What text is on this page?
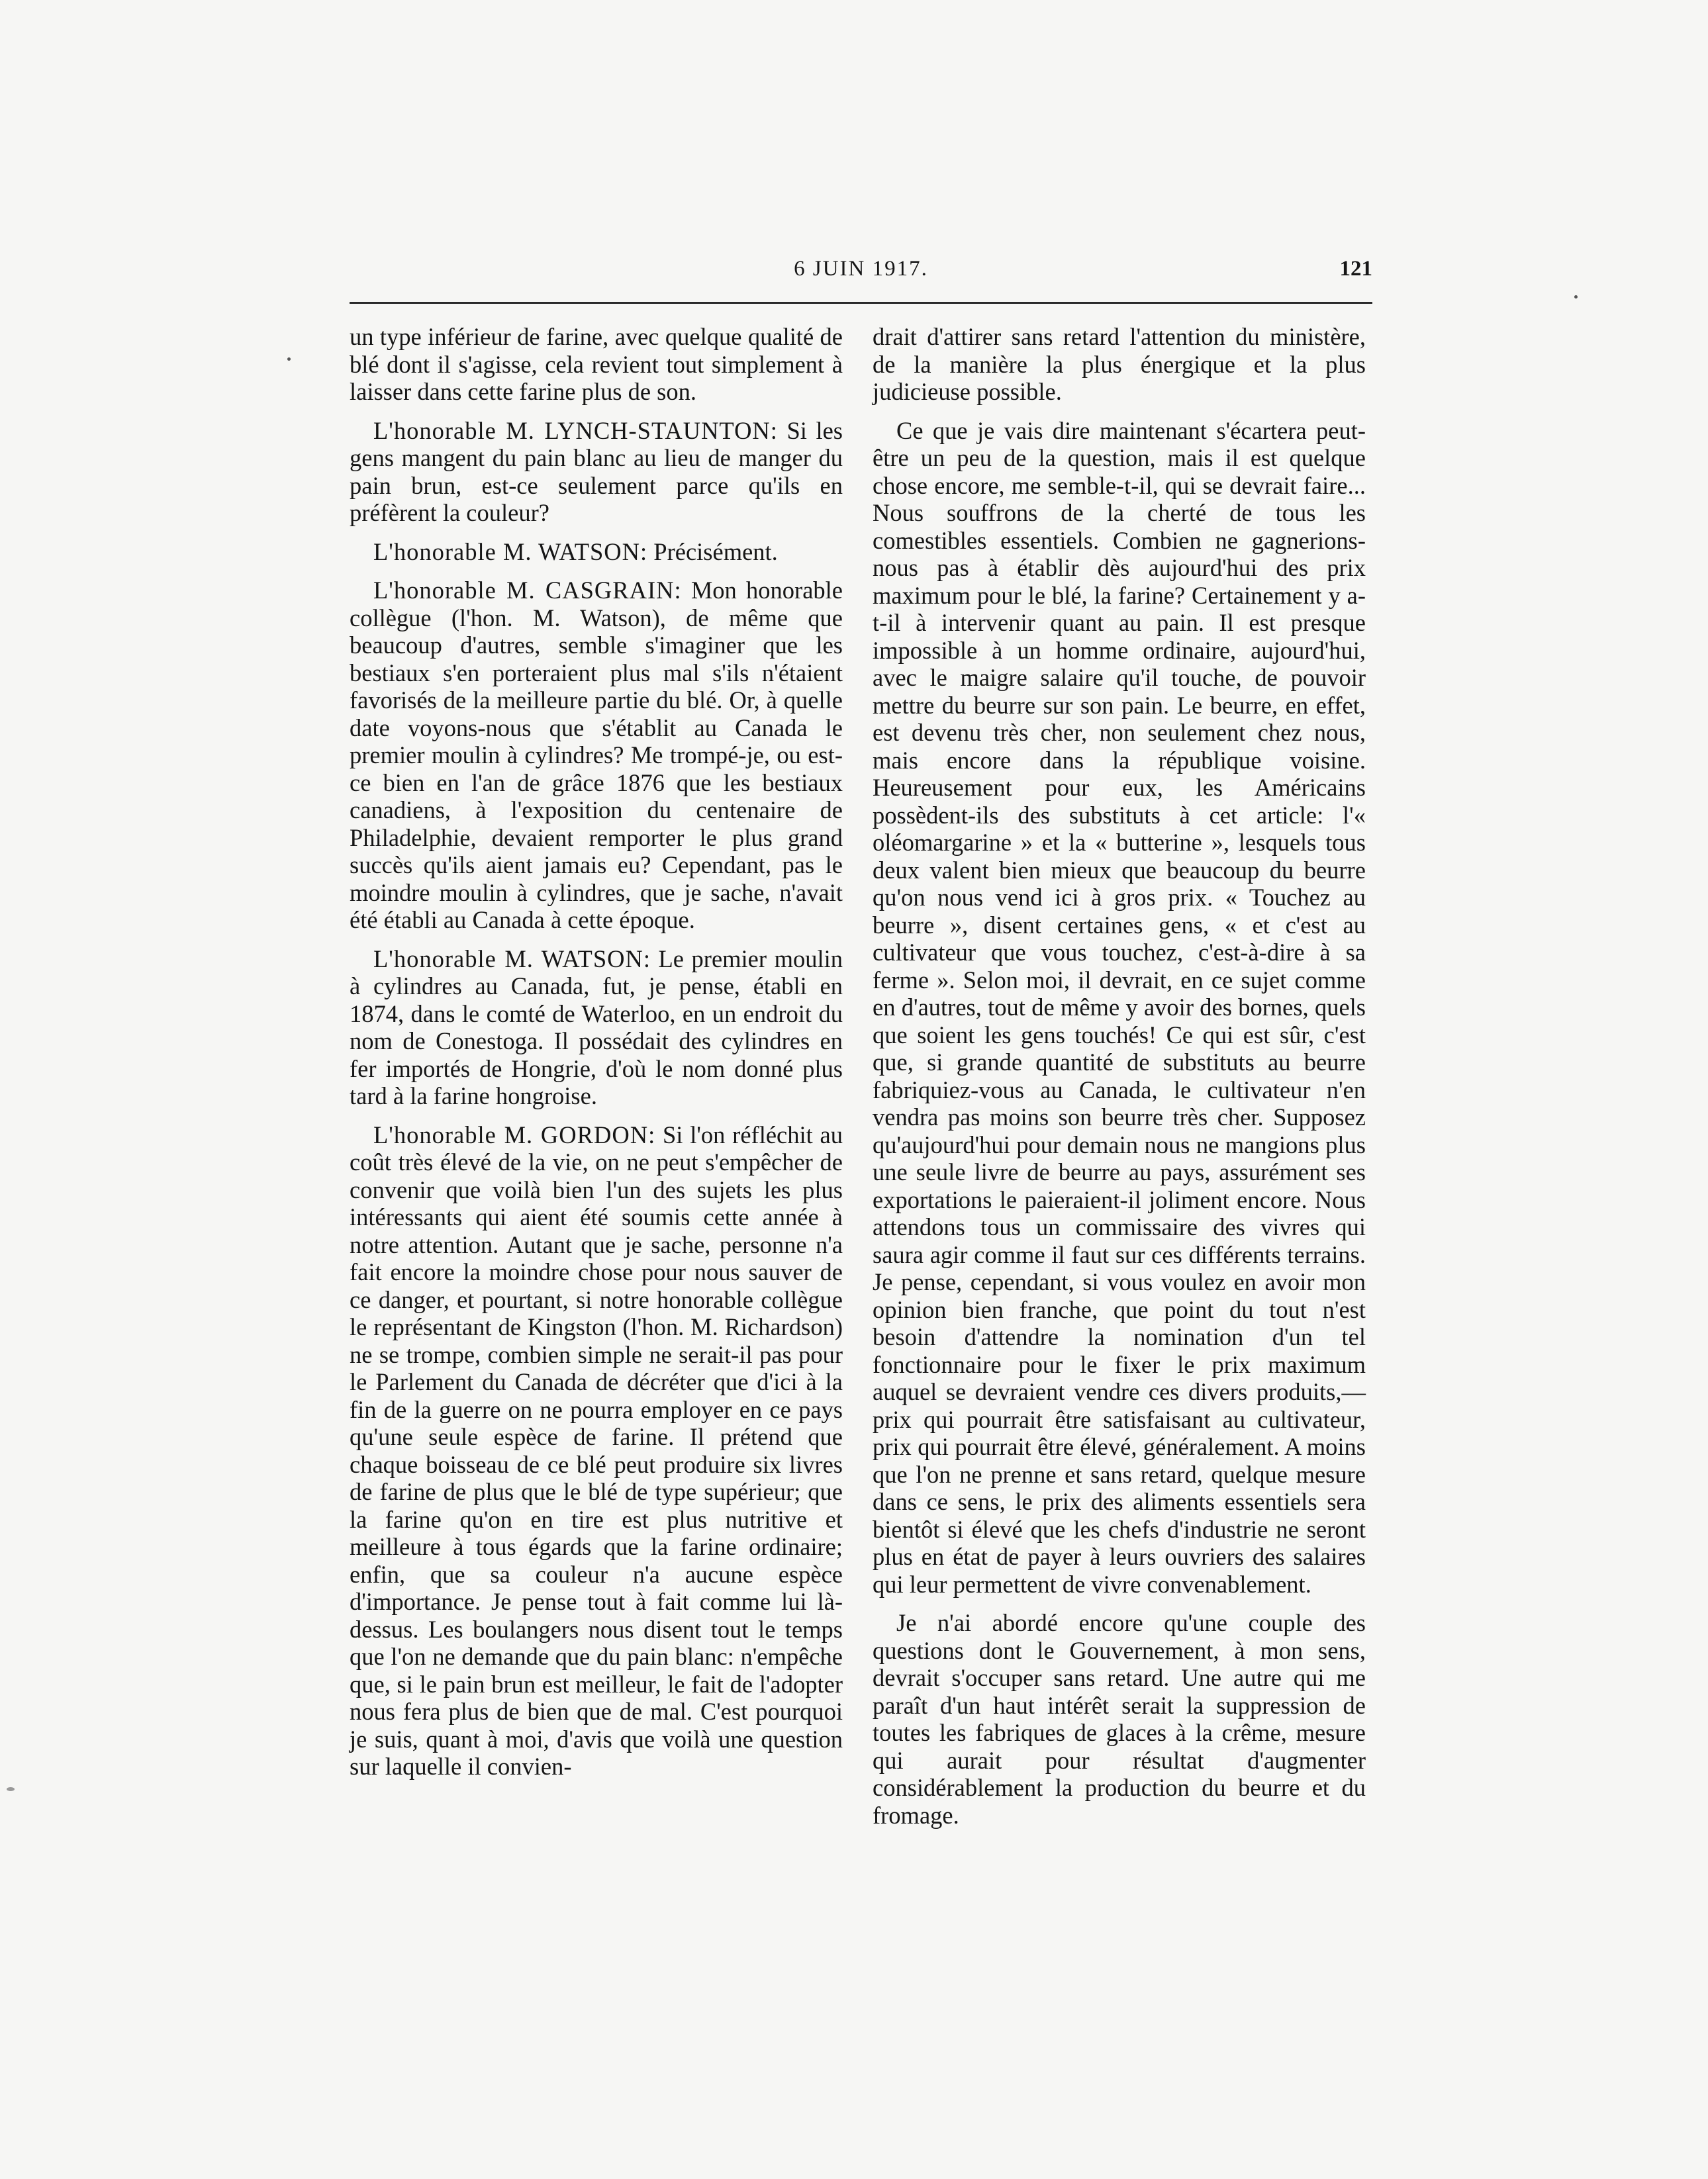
6 JUIN 1917.	121

un type inférieur de farine, avec quelque qualité de blé dont il s'agisse, cela revient tout simplement à laisser dans cette farine plus de son.

L'honorable M. LYNCH-STAUNTON: Si les gens mangent du pain blanc au lieu de manger du pain brun, est-ce seulement parce qu'ils en préfèrent la couleur?

L'honorable M. WATSON: Précisément.

L'honorable M. CASGRAIN: Mon honorable collègue (l'hon. M. Watson), de même que beaucoup d'autres, semble s'imaginer que les bestiaux s'en porteraient plus mal s'ils n'étaient favorisés de la meilleure partie du blé. Or, à quelle date voyons-nous que s'établit au Canada le premier moulin à cylindres? Me trompé-je, ou est-ce bien en l'an de grâce 1876 que les bestiaux canadiens, à l'exposition du centenaire de Philadelphie, devaient remporter le plus grand succès qu'ils aient jamais eu? Cependant, pas le moindre moulin à cylindres, que je sache, n'avait été établi au Canada à cette époque.

L'honorable M. WATSON: Le premier moulin à cylindres au Canada, fut, je pense, établi en 1874, dans le comté de Waterloo, en un endroit du nom de Conestoga. Il possédait des cylindres en fer importés de Hongrie, d'où le nom donné plus tard à la farine hongroise.

L'honorable M. GORDON: Si l'on réfléchit au coût très élevé de la vie, on ne peut s'empêcher de convenir que voilà bien l'un des sujets les plus intéressants qui aient été soumis cette année à notre attention. Autant que je sache, personne n'a fait encore la moindre chose pour nous sauver de ce danger, et pourtant, si notre honorable collègue le représentant de Kingston (l'hon. M. Richardson) ne se trompe, combien simple ne serait-il pas pour le Parlement du Canada de décréter que d'ici à la fin de la guerre on ne pourra employer en ce pays qu'une seule espèce de farine. Il prétend que chaque boisseau de ce blé peut produire six livres de farine de plus que le blé de type supérieur; que la farine qu'on en tire est plus nutritive et meilleure à tous égards que la farine ordinaire; enfin, que sa couleur n'a aucune espèce d'importance. Je pense tout à fait comme lui là-dessus. Les boulangers nous disent tout le temps que l'on ne demande que du pain blanc: n'empêche que, si le pain brun est meilleur, le fait de l'adopter nous fera plus de bien que de mal. C'est pourquoi je suis, quant à moi, d'avis que voilà une question sur laquelle il convien-

drait d'attirer sans retard l'attention du ministère, de la manière la plus énergique et la plus judicieuse possible.

Ce que je vais dire maintenant s'écartera peut-être un peu de la question, mais il est quelque chose encore, me semble-t-il, qui se devrait faire... Nous souffrons de la cherté de tous les comestibles essentiels. Combien ne gagnerions-nous pas à établir dès aujourd'hui des prix maximum pour le blé, la farine? Certainement y a-t-il à intervenir quant au pain. Il est presque impossible à un homme ordinaire, aujourd'hui, avec le maigre salaire qu'il touche, de pouvoir mettre du beurre sur son pain. Le beurre, en effet, est devenu très cher, non seulement chez nous, mais encore dans la république voisine. Heureusement pour eux, les Américains possèdent-ils des substituts à cet article: l'« oléomargarine » et la « butterine », lesquels tous deux valent bien mieux que beaucoup du beurre qu'on nous vend ici à gros prix. « Touchez au beurre », disent certaines gens, « et c'est au cultivateur que vous touchez, c'est-à-dire à sa ferme ». Selon moi, il devrait, en ce sujet comme en d'autres, tout de même y avoir des bornes, quels que soient les gens touchés! Ce qui est sûr, c'est que, si grande quantité de substituts au beurre fabriquiez-vous au Canada, le cultivateur n'en vendra pas moins son beurre très cher. Supposez qu'aujourd'hui pour demain nous ne mangions plus une seule livre de beurre au pays, assurément ses exportations le paieraient-il joliment encore. Nous attendons tous un commissaire des vivres qui saura agir comme il faut sur ces différents terrains. Je pense, cependant, si vous voulez en avoir mon opinion bien franche, que point du tout n'est besoin d'attendre la nomination d'un tel fonctionnaire pour le fixer le prix maximum auquel se devraient vendre ces divers produits,—prix qui pourrait être satisfaisant au cultivateur, prix qui pourrait être élevé, généralement. A moins que l'on ne prenne et sans retard, quelque mesure dans ce sens, le prix des aliments essentiels sera bientôt si élevé que les chefs d'industrie ne seront plus en état de payer à leurs ouvriers des salaires qui leur permettent de vivre convenablement.

Je n'ai abordé encore qu'une couple des questions dont le Gouvernement, à mon sens, devrait s'occuper sans retard. Une autre qui me paraît d'un haut intérêt serait la suppression de toutes les fabriques de glaces à la crême, mesure qui aurait pour résultat d'augmenter considérablement la production du beurre et du fromage.
